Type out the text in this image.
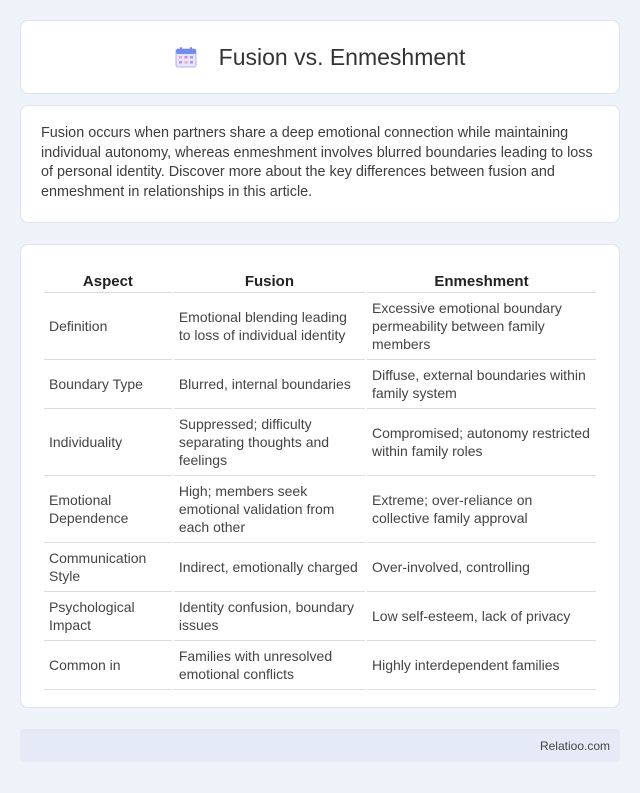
Fusion vs. Enmeshment

Fusion occurs when partners share a deep emotional connection while maintaining individual autonomy, whereas enmeshment involves blurred boundaries leading to loss of personal identity. Discover more about the key differences between fusion and enmeshment in relationships in this article.

Aspect	Fusion	Enmeshment
Definition	Emotional blending leading to loss of individual identity	Excessive emotional boundary permeability between family members
Boundary Type	Blurred, internal boundaries	Diffuse, external boundaries within family system
Individuality	Suppressed; difficulty separating thoughts and feelings	Compromised; autonomy restricted within family roles
Emotional Dependence	High; members seek emotional validation from each other	Extreme; over-reliance on collective family approval
Communication Style	Indirect, emotionally charged	Over-involved, controlling
Psychological Impact	Identity confusion, boundary issues	Low self-esteem, lack of privacy
Common in	Families with unresolved emotional conflicts	Highly interdependent families
Relatioo.com
